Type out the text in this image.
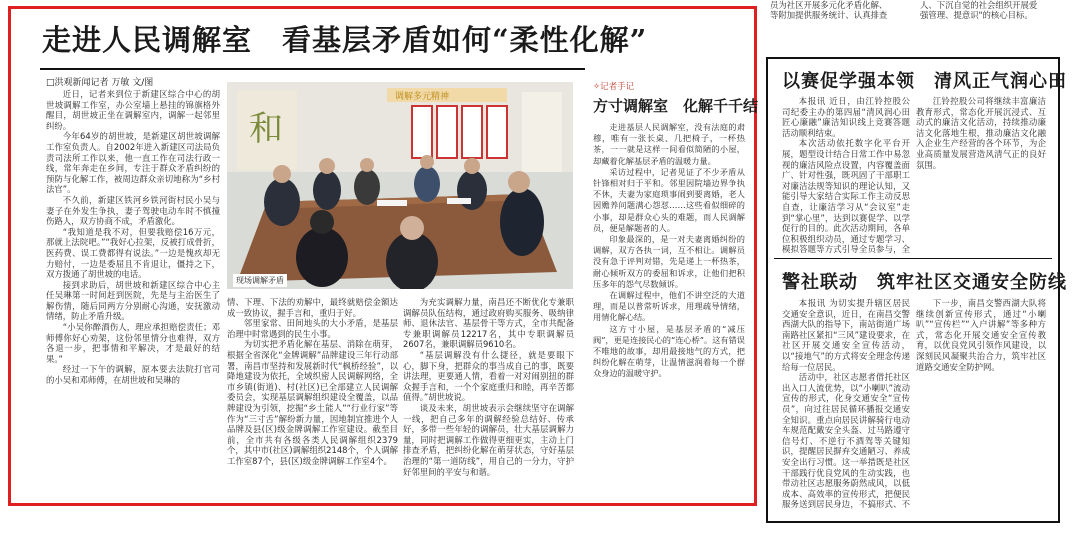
员为社区开展多元化矛盾化解、
等附加提供服务统计、认真排查
人、下沉自觉的社会组织开展爱
强管理、提意识"的核心目标。
走进人民调解室　看基层矛盾如何“柔性化解”
□洪观新闻记者 万敏 文/图

近日，记者来到位于新建区综合中心的胡世坡调解工作室，办公室墙上悬挂的锦旗格外醒目，胡世坡正坐在调解室内，调解一起邻里纠纷。

今年64岁的胡世坡，是新建区胡世坡调解工作室负责人。自2002年进入新建区司法局负责司法所工作以来，他一直工作在司法行政一线，常年奔走在乡间，专注于群众矛盾纠纷的预防与化解工作，被周边群众亲切地称为“乡村法官”。

不久前，新建区铁河乡铁河街村民小吴与妻子在外发生争执，妻子驾驶电动车时不慎撞伤路人，双方协商不成，矛盾激化。

“我知道是我不对，但要我赔偿16万元，那就上法院吧。”“我好心拉架，反被打成骨折，医药费、误工费都得有说法。”一边是愧疚却无力赔付，一边是委屈且不肯退让，僵持之下，双方拨通了胡世坡的电话。

接到求助后，胡世坡和新建区综合中心主任吴琳第一时间赶到医院，先是与主治医生了解伤情，随后同两方分别耐心沟通，安抚激动情绪，防止矛盾升级。

“小吴你醉酒伤人，理应承担赔偿责任；邓师傅你好心劝架，这份邻里情分也难得，双方各退一步，把事情和平解决，才是最好的结果。”

经过一下午的调解，原本要去法院打官司的小吴和邓师傅，在胡世坡和吴琳的

和
调解多元精神
现场调解矛盾

情、下理、下法的劝解中，最终就赔偿金额达成一致协议，握手言和，重归于好。

邻里家常、田间地头的大小矛盾，是基层治理中时常遇到的民生小事。

为切实把矛盾化解在基层、消除在萌芽，根据全省深化“金牌调解”品牌建设三年行动部署，南昌市坚持和发展新时代“枫桥经验”，以降地建设为依托，全域织密人民调解网络，全市乡镇(街道)、村(社区)已全部建立人民调解委员会，实现基层调解组织建设全覆盖，以品牌建设为引领，挖掘“乡土能人”“行业行家”等作为“三寸舌”解纷新力量，因地制宜推进个人品牌及县(区)级金牌调解工作室建设。截至目前，全市共有各级各类人民调解组织2379个，其中市(社区)调解组织2148个，个人调解工作室87个，县(区)级金牌调解工作室4个。

为充实调解力量，南昌还不断优化专兼职调解员队伍结构，通过政府购买服务、吸纳律师、退休法官、基层骨干等方式，全市共配备专兼职调解员12217名，其中专职调解员2607名，兼职调解员9610名。

“基层调解没有什么捷径，就是要眼下心，脚下身，把群众的事当成自己的事，既要讲法理，更要通人情，看着一对对闹别扭的群众握手言和，一个个家庭重归和睦，再辛苦都值得。”胡世坡说。

谈及未来，胡世坡表示会继续坚守在调解一线，把自己多年的调解经验总结好、传承好，多带一些年轻的调解员，壮大基层调解力量，同时把调解工作做得更细更实，主动上门排查矛盾，把纠纷化解在萌芽状态，守好基层治理的“第一道防线”，用自己的一分力，守护好邻里间的平安与和谐。

✧记者手记
方寸调解室　化解千千结

走进基层人民调解室，没有法庭的肃穆，唯有一张长桌、几把椅子，一杯热茶，一一就是这样一间看似简陋的小屋，却藏着化解基层矛盾的温暖力量。

采访过程中，记者见证了不少矛盾从针锋相对归于平和。邻里因院墙边界争执不休，夫妻为家庭琐事闹到要离婚，老人因赡养问题满心怨怼……这些看似细碎的小事，却是群众心头的难题，而人民调解员，便是解题者的人。

印象最深的，是一对夫妻离婚纠纷的调解，双方各执一词，互不相让。调解员没有急于评判对错，先是递上一杯热茶，耐心倾听双方的委屈和诉求，让他们把积压多年的怨气尽数倾诉。

在调解过程中，他们不讲空泛的大道理，而是以普常听诉求，用理疏导情绪，用情化解心结。

这方寸小屋，是基层矛盾的“减压阀”，更是连接民心的“连心桥”。这有错误不唯地的故事，却用最接地气的方式，把纠纷化解在萌芽，让温情滋润着每一个群众身边的温暖守护。

以赛促学强本领　清风正气润心田

本报讯 近日，由江铃控股公司纪委主办的第四届“清风润心田 匠心廉融”廉洁知识线上竞赛答题活动顺利结束。

本次活动依托数字化平台开展，题型设计结合日常工作中易忽视的廉洁风险点设置，内容覆盖面广、针对性强，既巩固了干部职工对廉洁法规等知识的理论认知，又能引导大家结合实际工作主动反思自查，让廉洁学习从“会议室”走到“掌心里”，达到以赛促学、以学促行的目的。此次活动期间，各单位积极组织动员，通过专题学习、模拟答题等方式引导全员参与，全

江铃控股公司将继续丰富廉洁教育形式，常态化开展沉浸式、互动式的廉洁文化活动，持续推动廉洁文化落地生根，推动廉洁文化融入企业生产经营的各个环节，为企业高质量发展营造风清气正的良好氛围。

警社联动　筑牢社区交通安全防线

本报讯 为切实提升辖区居民交通安全意识，近日，在南昌交警西湖大队的指导下，南站街道广场南路社区紧扣“三风”建设要求，在社区开展交通安全宣传活动，以“接地气”的方式将安全理念传递给每一位居民。

活动中，社区志愿者借托社区出入口人流优势，以“小喇叭”流动宣传的形式，化身交通安全“宣传员”，向过往居民循环播报交通安全知识。重点向居民讲解骑行电动车规范配戴安全头盔、过马路遵守信号灯、不逆行不酒驾等关键知识，提醒居民摒弃交通陋习、养成安全出行习惯。这一举措既是社区干部践行优良党风的生动实践，也带动社区志愿服务蔚然成风，以低成本、高效率的宣传形式，把便民服务送到居民身边，不搞形式、不

下一步，南昌交警西湖大队将继续创新宣传形式，通过“小喇叭”“宣传栏”“入户讲解”等多种方式，常态化开展交通安全宣传教育，以优良党风引领作风建设，以深刻民风凝聚共治合力，筑牢社区道路交通安全防护网。
